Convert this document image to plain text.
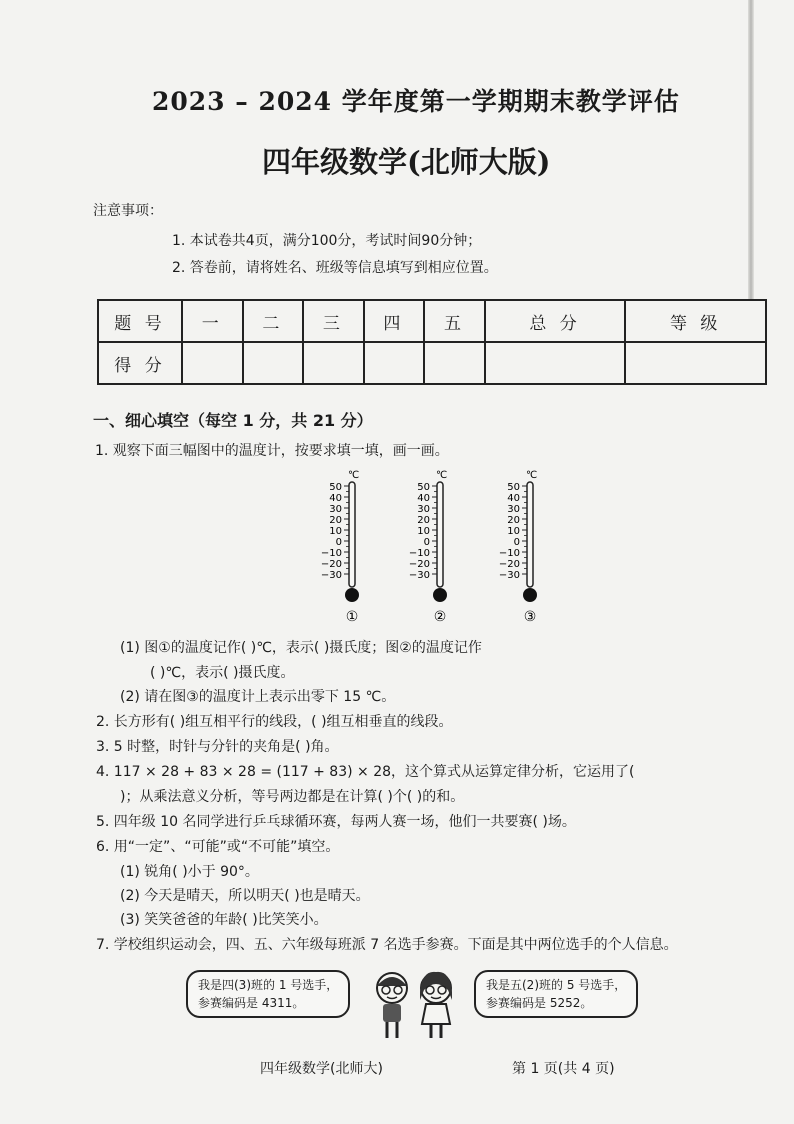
2023 – 2024 学年度第一学期期末教学评估
四年级数学(北师大版)
注意事项：
1. 本试卷共4页，满分100分，考试时间90分钟；
2. 答卷前，请将姓名、班级等信息填写到相应位置。
题 号	一	二	三	四	五	总 分	等 级
得 分							
一、细心填空（每空 1 分，共 21 分）
1. 观察下面三幅图中的温度计，按要求填一填，画一画。
℃
50
40
30
20
10
0
−10
−20
−30
①
℃
50
40
30
20
10
0
−10
−20
−30
②
℃
50
40
30
20
10
0
−10
−20
−30
③
(1) 图①的温度记作( )℃，表示( )摄氏度；图②的温度记作
( )℃，表示( )摄氏度。
(2) 请在图③的温度计上表示出零下 15 ℃。
2. 长方形有( )组互相平行的线段，( )组互相垂直的线段。
3. 5 时整，时针与分针的夹角是( )角。
4. 117 × 28 + 83 × 28 = (117 + 83) × 28，这个算式从运算定律分析，它运用了(
)；从乘法意义分析，等号两边都是在计算( )个( )的和。
5. 四年级 10 名同学进行乒乓球循环赛，每两人赛一场，他们一共要赛( )场。
6. 用“一定”、“可能”或“不可能”填空。
(1) 锐角( )小于 90°。
(2) 今天是晴天，所以明天( )也是晴天。
(3) 笑笑爸爸的年龄( )比笑笑小。
7. 学校组织运动会，四、五、六年级每班派 7 名选手参赛。下面是其中两位选手的个人信息。
我是四(3)班的 1 号选手，
参赛编码是 4311。
我是五(2)班的 5 号选手，
参赛编码是 5252。
四年级数学(北师大)	第 1 页(共 4 页)
